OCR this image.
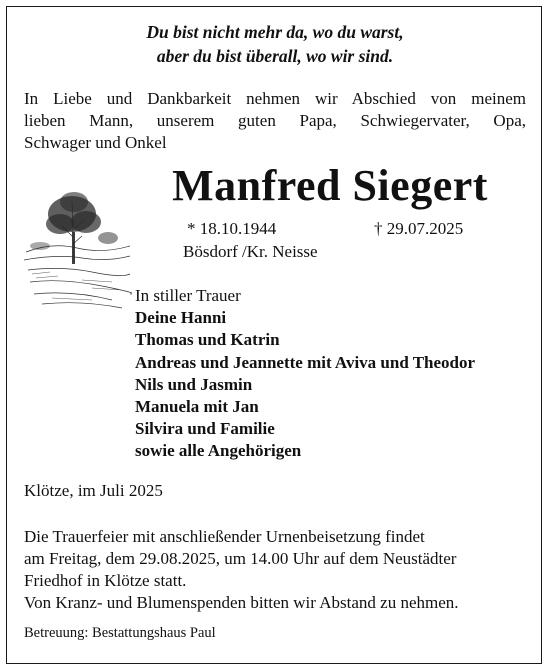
Du bist nicht mehr da, wo du warst,
aber du bist überall, wo wir sind.
In Liebe und Dankbarkeit nehmen wir Abschied von meinem
lieben Mann, unserem guten Papa, Schwiegervater, Opa,
Schwager und Onkel
Manfred Siegert
* 18.10.1944	† 29.07.2025
Bösdorf /Kr. Neisse
In stiller Trauer
Deine Hanni
Thomas und Katrin
Andreas und Jeannette mit Aviva und Theodor
Nils und Jasmin
Manuela mit Jan
Silvira und Familie
sowie alle Angehörigen
Klötze, im Juli 2025
Die Trauerfeier mit anschließender Urnenbeisetzung findet
am Freitag, dem 29.08.2025, um 14.00 Uhr auf dem Neustädter
Friedhof in Klötze statt.
Von Kranz- und Blumenspenden bitten wir Abstand zu nehmen.
Betreuung: Bestattungshaus Paul
